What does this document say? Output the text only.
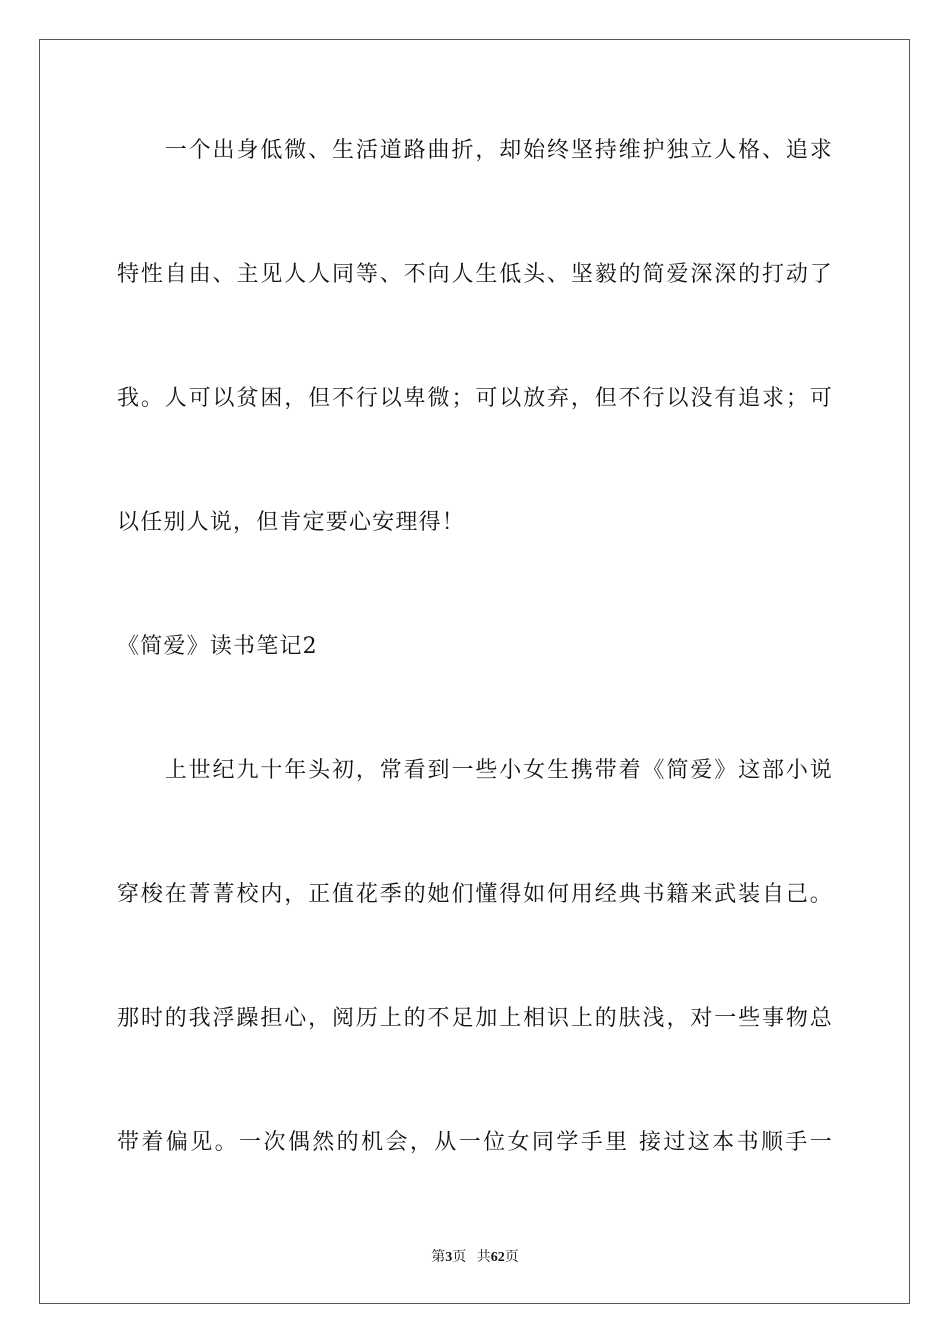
　　一个出身低微、生活道路曲折，却始终坚持维护独立人格、追求
特性自由、主见人人同等、不向人生低头、坚毅的简爱深深的打动了
我。人可以贫困，但不行以卑微；可以放弃，但不行以没有追求；可
以任别人说，但肯定要心安理得！
《简爱》读书笔记2
　　上世纪九十年头初，常看到一些小女生携带着《简爱》这部小说
穿梭在菁菁校内，正值花季的她们懂得如何用经典书籍来武装自己。
那时的我浮躁担心，阅历上的不足加上相识上的肤浅，对一些事物总
带着偏见。一次偶然的机会，从一位女同学手里 接过这本书顺手一
第3页 共62页
